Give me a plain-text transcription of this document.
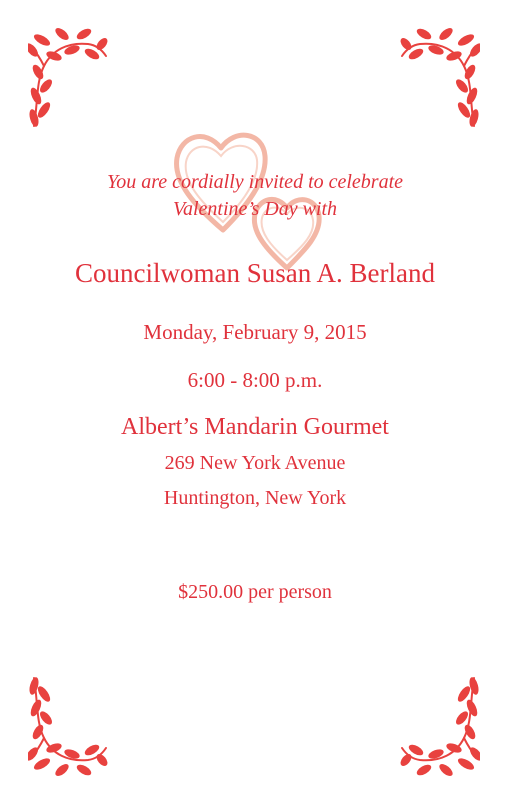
You are cordially invited to celebrate
Valentine’s Day with
Councilwoman Susan A. Berland
Monday, February 9, 2015
6:00 - 8:00 p.m.
Albert’s Mandarin Gourmet
269 New York Avenue
Huntington, New York
$250.00 per person
